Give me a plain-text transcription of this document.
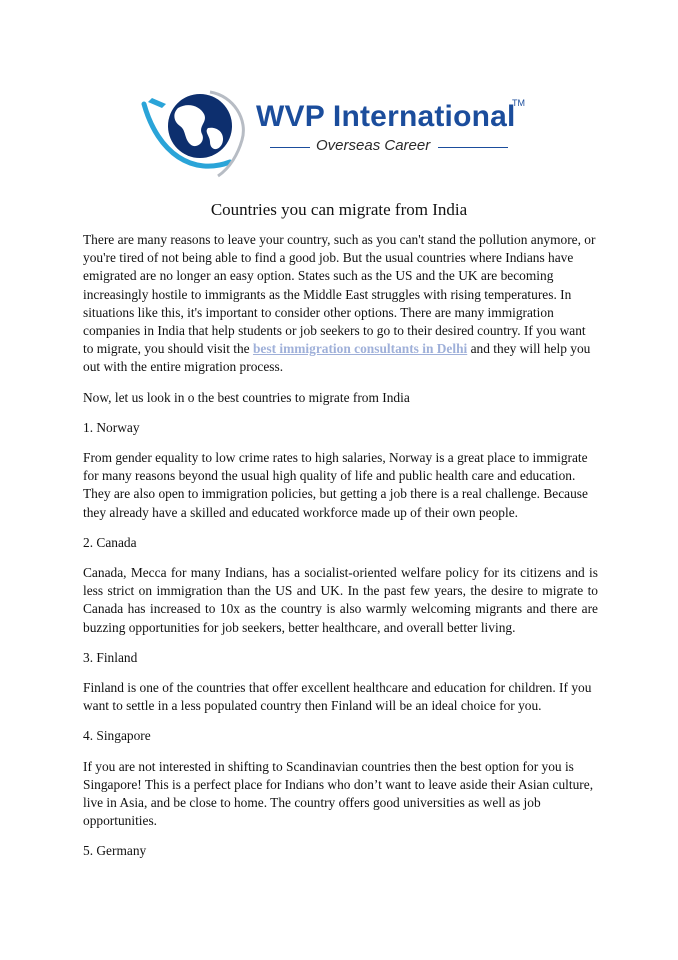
WVP International
TM
Overseas Career
Countries you can migrate from India

There are many reasons to leave your country, such as you can't stand the pollution anymore, or you're tired of not being able to find a good job. But the usual countries where Indians have emigrated are no longer an easy option. States such as the US and the UK are becoming increasingly hostile to immigrants as the Middle East struggles with rising temperatures. In situations like this, it's important to consider other options. There are many immigration companies in India that help students or job seekers to go to their desired country. If you want to migrate, you should visit the best immigration consultants in Delhi and they will help you out with the entire migration process.

Now, let us look in o the best countries to migrate from India

1. Norway

From gender equality to low crime rates to high salaries, Norway is a great place to immigrate for many reasons beyond the usual high quality of life and public health care and education. They are also open to immigration policies, but getting a job there is a real challenge. Because they already have a skilled and educated workforce made up of their own people.

2. Canada

Canada, Mecca for many Indians, has a socialist-oriented welfare policy for its citizens and is less strict on immigration than the US and UK. In the past few years, the desire to migrate to Canada has increased to 10x as the country is also warmly welcoming migrants and there are buzzing opportunities for job seekers, better healthcare, and overall better living.

3. Finland

Finland is one of the countries that offer excellent healthcare and education for children. If you want to settle in a less populated country then Finland will be an ideal choice for you.

4. Singapore

If you are not interested in shifting to Scandinavian countries then the best option for you is Singapore! This is a perfect place for Indians who don’t want to leave aside their Asian culture, live in Asia, and be close to home. The country offers good universities as well as job opportunities.

5. Germany
